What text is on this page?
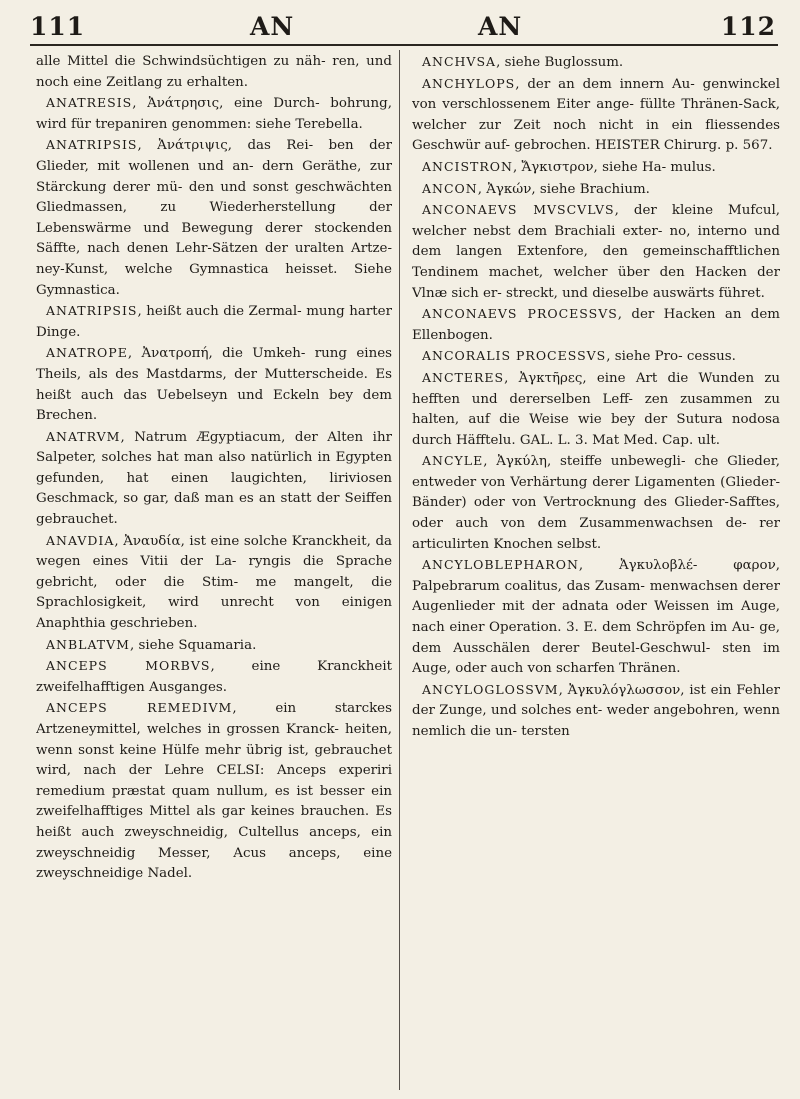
111	AN	AN	112

alle Mittel die Schwindsüchtigen zu näh- ren, und noch eine Zeitlang zu erhalten.

ANATRESIS, Ἀνάτρησις, eine Durch- bohrung, wird für trepaniren genommen: siehe Terebella.

ANATRIPSIS, Ἀνάτριψις, das Rei- ben der Glieder, mit wollenen und an- dern Geräthe, zur Stärckung derer mü- den und sonst geschwächten Gliedmassen, zu Wiederherstellung der Lebenswärme und Bewegung derer stockenden Säffte, nach denen Lehr-Sätzen der uralten Artze- ney-Kunst, welche Gymnastica heisset. Siehe Gymnastica.

ANATRIPSIS, heißt auch die Zermal- mung harter Dinge.

ANATROPE, Ἀνατροπή, die Umkeh- rung eines Theils, als des Mastdarms, der Mutterscheide. Es heißt auch das Uebelseyn und Eckeln bey dem Brechen.

ANATRVM, Natrum Ægyptiacum, der Alten ihr Salpeter, solches hat man also natürlich in Egypten gefunden, hat einen laugichten, liriviosen Geschmack, so gar, daß man es an statt der Seiffen gebrauchet.

ANAVDIA, Ἀναυδία, ist eine solche Kranckheit, da wegen eines Vitii der La- ryngis die Sprache gebricht, oder die Stim- me mangelt, die Sprachlosigkeit, wird unrecht von einigen Anaphthia geschrieben.

ANBLATVM, siehe Squamaria.

ANCEPS MORBVS, eine Kranckheit zweifelhafftigen Ausganges.

ANCEPS REMEDIVM, ein starckes Artzeneymittel, welches in grossen Kranck- heiten, wenn sonst keine Hülfe mehr übrig ist, gebrauchet wird, nach der Lehre CELSI: Anceps experiri remedium præstat quam nullum, es ist besser ein zweifelhafftiges Mittel als gar keines brauchen. Es heißt auch zweyschneidig, Cultellus anceps, ein zweyschneidig Messer, Acus anceps, eine zweyschneidige Nadel.

ANCHVSA, siehe Buglossum.

ANCHYLOPS, der an dem innern Au- genwinckel von verschlossenem Eiter ange- füllte Thränen-Sack, welcher zur Zeit noch nicht in ein fliessendes Geschwür auf- gebrochen. HEISTER Chirurg. p. 567.

ANCISTRON, Ἄγκιστρον, siehe Ha- mulus.

ANCON, Ἀγκών, siehe Brachium.

ANCONAEVS MVSCVLVS, der kleine Mufcul, welcher nebst dem Brachiali exter- no, interno und dem langen Extenfore, den gemeinschafftlichen Tendinem machet, welcher über den Hacken der Vlnæ sich er- streckt, und dieselbe auswärts führet.

ANCONAEVS PROCESSVS, der Hacken an dem Ellenbogen.

ANCORALIS PROCESSVS, siehe Pro- cessus.

ANCTERES, Ἀγκτῆρες, eine Art die Wunden zu hefften und dererselben Leff- zen zusammen zu halten, auf die Weise wie bey der Sutura nodosa durch Häfftelu. GAL. L. 3. Mat Med. Cap. ult.

ANCYLE, Ἀγκύλη, steiffe unbewegli- che Glieder, entweder von Verhärtung derer Ligamenten (Glieder-Bänder) oder von Vertrocknung des Glieder-Safftes, oder auch von dem Zusammenwachsen de- rer articulirten Knochen selbst.

ANCYLOBLEPHARON, Ἀγκυλοβλέ- φαρον, Palpebrarum coalitus, das Zusam- menwachsen derer Augenlieder mit der adnata oder Weissen im Auge, nach einer Operation. 3. E. dem Schröpfen im Au- ge, dem Ausschälen derer Beutel-Geschwul- sten im Auge, oder auch von scharfen Thränen.

ANCYLOGLOSSVM, Ἀγκυλόγλωσσον, ist ein Fehler der Zunge, und solches ent- weder angebohren, wenn nemlich die un- tersten
